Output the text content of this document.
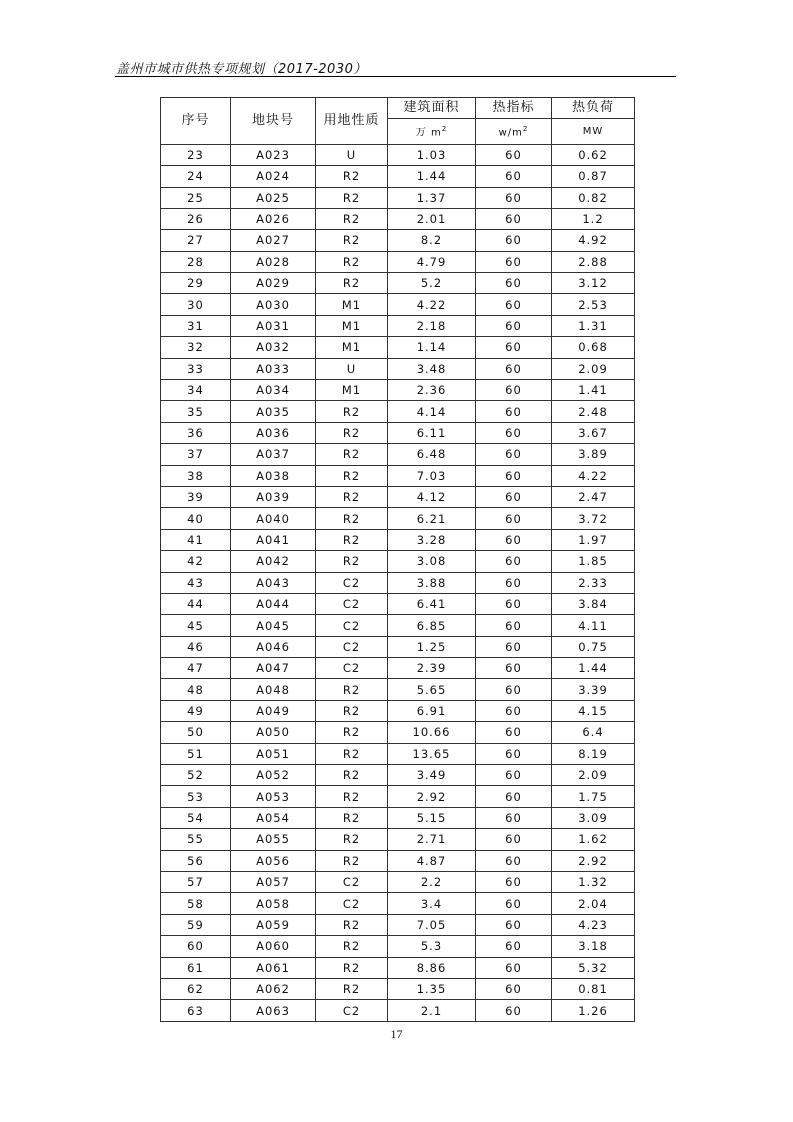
盖州市城市供热专项规划（2017-2030）
序号	地块号	用地性质	建筑面积	热指标	热负荷
			万 $m^2$	$w/m^2$	MW
23	A023	U	1.03	60	0.62
24	A024	R2	1.44	60	0.87
25	A025	R2	1.37	60	0.82
26	A026	R2	2.01	60	1.2
27	A027	R2	8.2	60	4.92
28	A028	R2	4.79	60	2.88
29	A029	R2	5.2	60	3.12
30	A030	M1	4.22	60	2.53
31	A031	M1	2.18	60	1.31
32	A032	M1	1.14	60	0.68
33	A033	U	3.48	60	2.09
34	A034	M1	2.36	60	1.41
35	A035	R2	4.14	60	2.48
36	A036	R2	6.11	60	3.67
37	A037	R2	6.48	60	3.89
38	A038	R2	7.03	60	4.22
39	A039	R2	4.12	60	2.47
40	A040	R2	6.21	60	3.72
41	A041	R2	3.28	60	1.97
42	A042	R2	3.08	60	1.85
43	A043	C2	3.88	60	2.33
44	A044	C2	6.41	60	3.84
45	A045	C2	6.85	60	4.11
46	A046	C2	1.25	60	0.75
47	A047	C2	2.39	60	1.44
48	A048	R2	5.65	60	3.39
49	A049	R2	6.91	60	4.15
50	A050	R2	10.66	60	6.4
51	A051	R2	13.65	60	8.19
52	A052	R2	3.49	60	2.09
53	A053	R2	2.92	60	1.75
54	A054	R2	5.15	60	3.09
55	A055	R2	2.71	60	1.62
56	A056	R2	4.87	60	2.92
57	A057	C2	2.2	60	1.32
58	A058	C2	3.4	60	2.04
59	A059	R2	7.05	60	4.23
60	A060	R2	5.3	60	3.18
61	A061	R2	8.86	60	5.32
62	A062	R2	1.35	60	0.81
63	A063	C2	2.1	60	1.26
17
